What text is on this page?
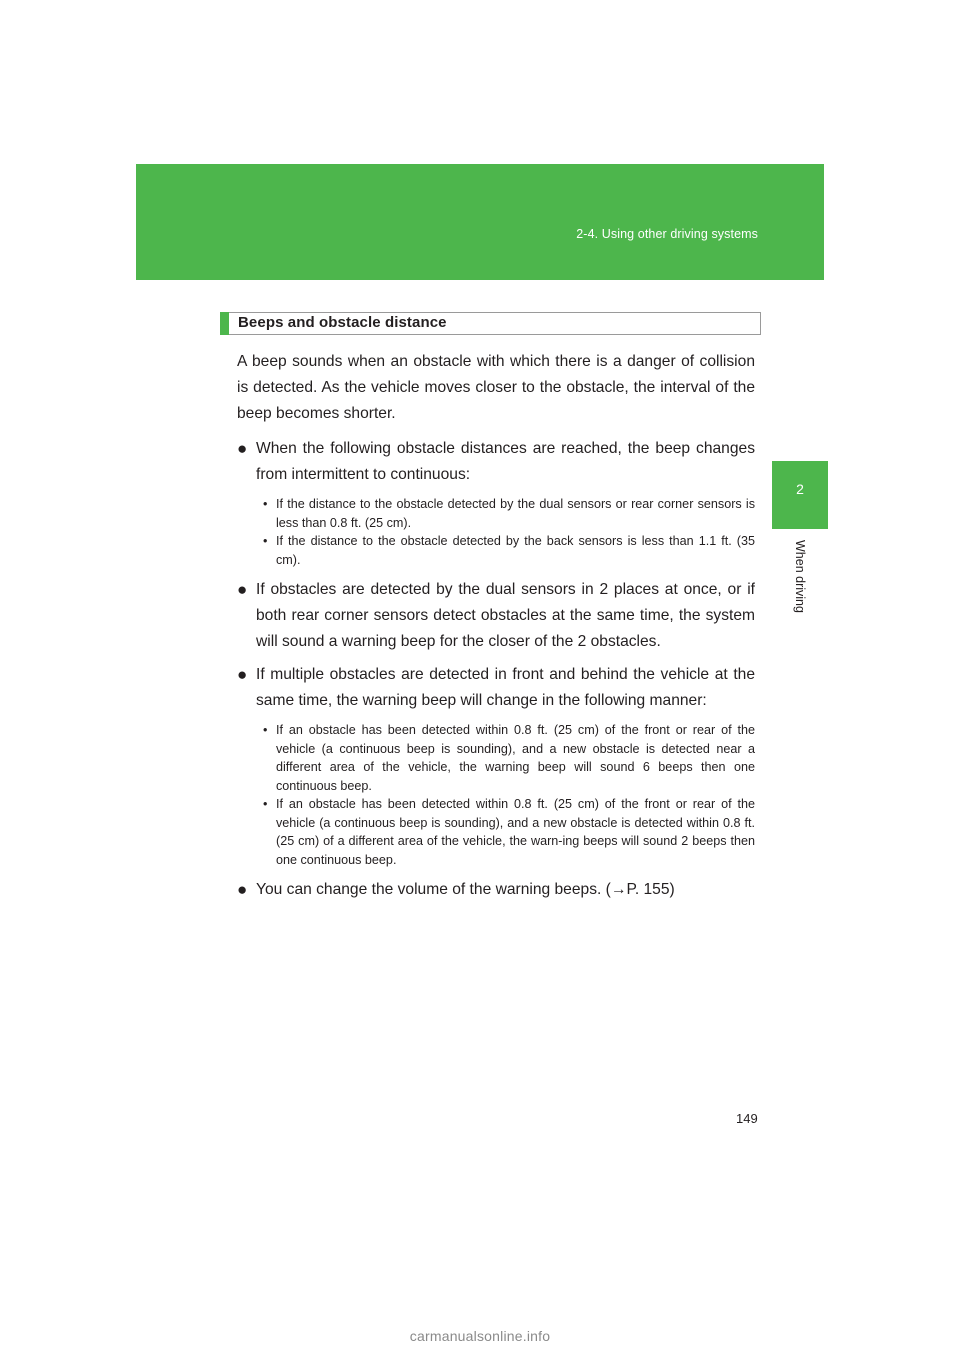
2-4. Using other driving systems
2
When driving
Beeps and obstacle distance

A beep sounds when an obstacle with which there is a danger of collision is detected. As the vehicle moves closer to the obstacle, the interval of the beep becomes shorter.

● When the following obstacle distances are reached, the beep changes from intermittent to continuous:
• If the distance to the obstacle detected by the dual sensors or rear corner sensors is less than 0.8 ft. (25 cm).
• If the distance to the obstacle detected by the back sensors is less than 1.1 ft. (35 cm).
● If obstacles are detected by the dual sensors in 2 places at once, or if both rear corner sensors detect obstacles at the same time, the system will sound a warning beep for the closer of the 2 obstacles.
● If multiple obstacles are detected in front and behind the vehicle at the same time, the warning beep will change in the following manner:
• If an obstacle has been detected within 0.8 ft. (25 cm) of the front or rear of the vehicle (a continuous beep is sounding), and a new obstacle is detected near a different area of the vehicle, the warning beep will sound 6 beeps then one continuous beep.
• If an obstacle has been detected within 0.8 ft. (25 cm) of the front or rear of the vehicle (a continuous beep is sounding), and a new obstacle is detected within 0.8 ft. (25 cm) of a different area of the vehicle, the warn-ing beeps will sound 2 beeps then one continuous beep.
● You can change the volume of the warning beeps. (→P. 155)
149
carmanualsonline.info
